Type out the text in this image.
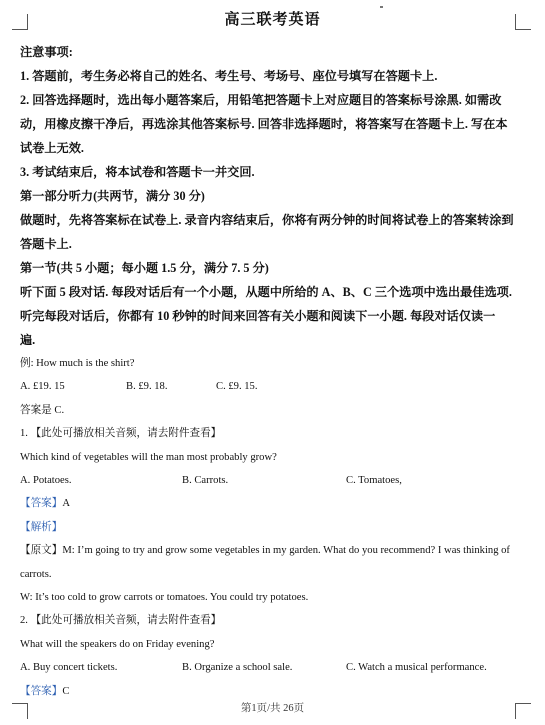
高三联考英语

注意事项:

1. 答题前，考生务必将自己的姓名、考生号、考场号、座位号填写在答题卡上.

2. 回答选择题时，选出每小题答案后，用铅笔把答题卡上对应题目的答案标号涂黑. 如需改

动，用橡皮擦干净后，再选涂其他答案标号. 回答非选择题时，将答案写在答题卡上. 写在本

试卷上无效.

3. 考试结束后，将本试卷和答题卡一并交回.

第一部分听力(共两节，满分 30 分)

做题时，先将答案标在试卷上. 录音内容结束后，你将有两分钟的时间将试卷上的答案转涂到

答题卡上.

第一节(共 5 小题；每小题 1.5 分，满分 7. 5 分)

听下面 5 段对话. 每段对话后有一个小题，从题中所给的 A、B、C 三个选项中选出最佳选项.

听完每段对话后，你都有 10 秒钟的时间来回答有关小题和阅读下一小题. 每段对话仅读一

遍.

例: How much is the shirt?

A. £19. 15	B. £9. 18.	C. £9. 15.

答案是 C.

1. 【此处可播放相关音频，请去附件查看】

Which kind of vegetables will the man most probably grow?

A. Potatoes.	B. Carrots.	C. Tomatoes,

【答案】A

【解析】

【原文】M: I’m going to try and grow some vegetables in my garden. What do you recommend? I was thinking of

carrots.

W: It’s too cold to grow carrots or tomatoes. You could try potatoes.

2. 【此处可播放相关音频，请去附件查看】

What will the speakers do on Friday evening?

A. Buy concert tickets.	B. Organize a school sale.	C. Watch a musical performance.

【答案】C

第1页/共 26页
